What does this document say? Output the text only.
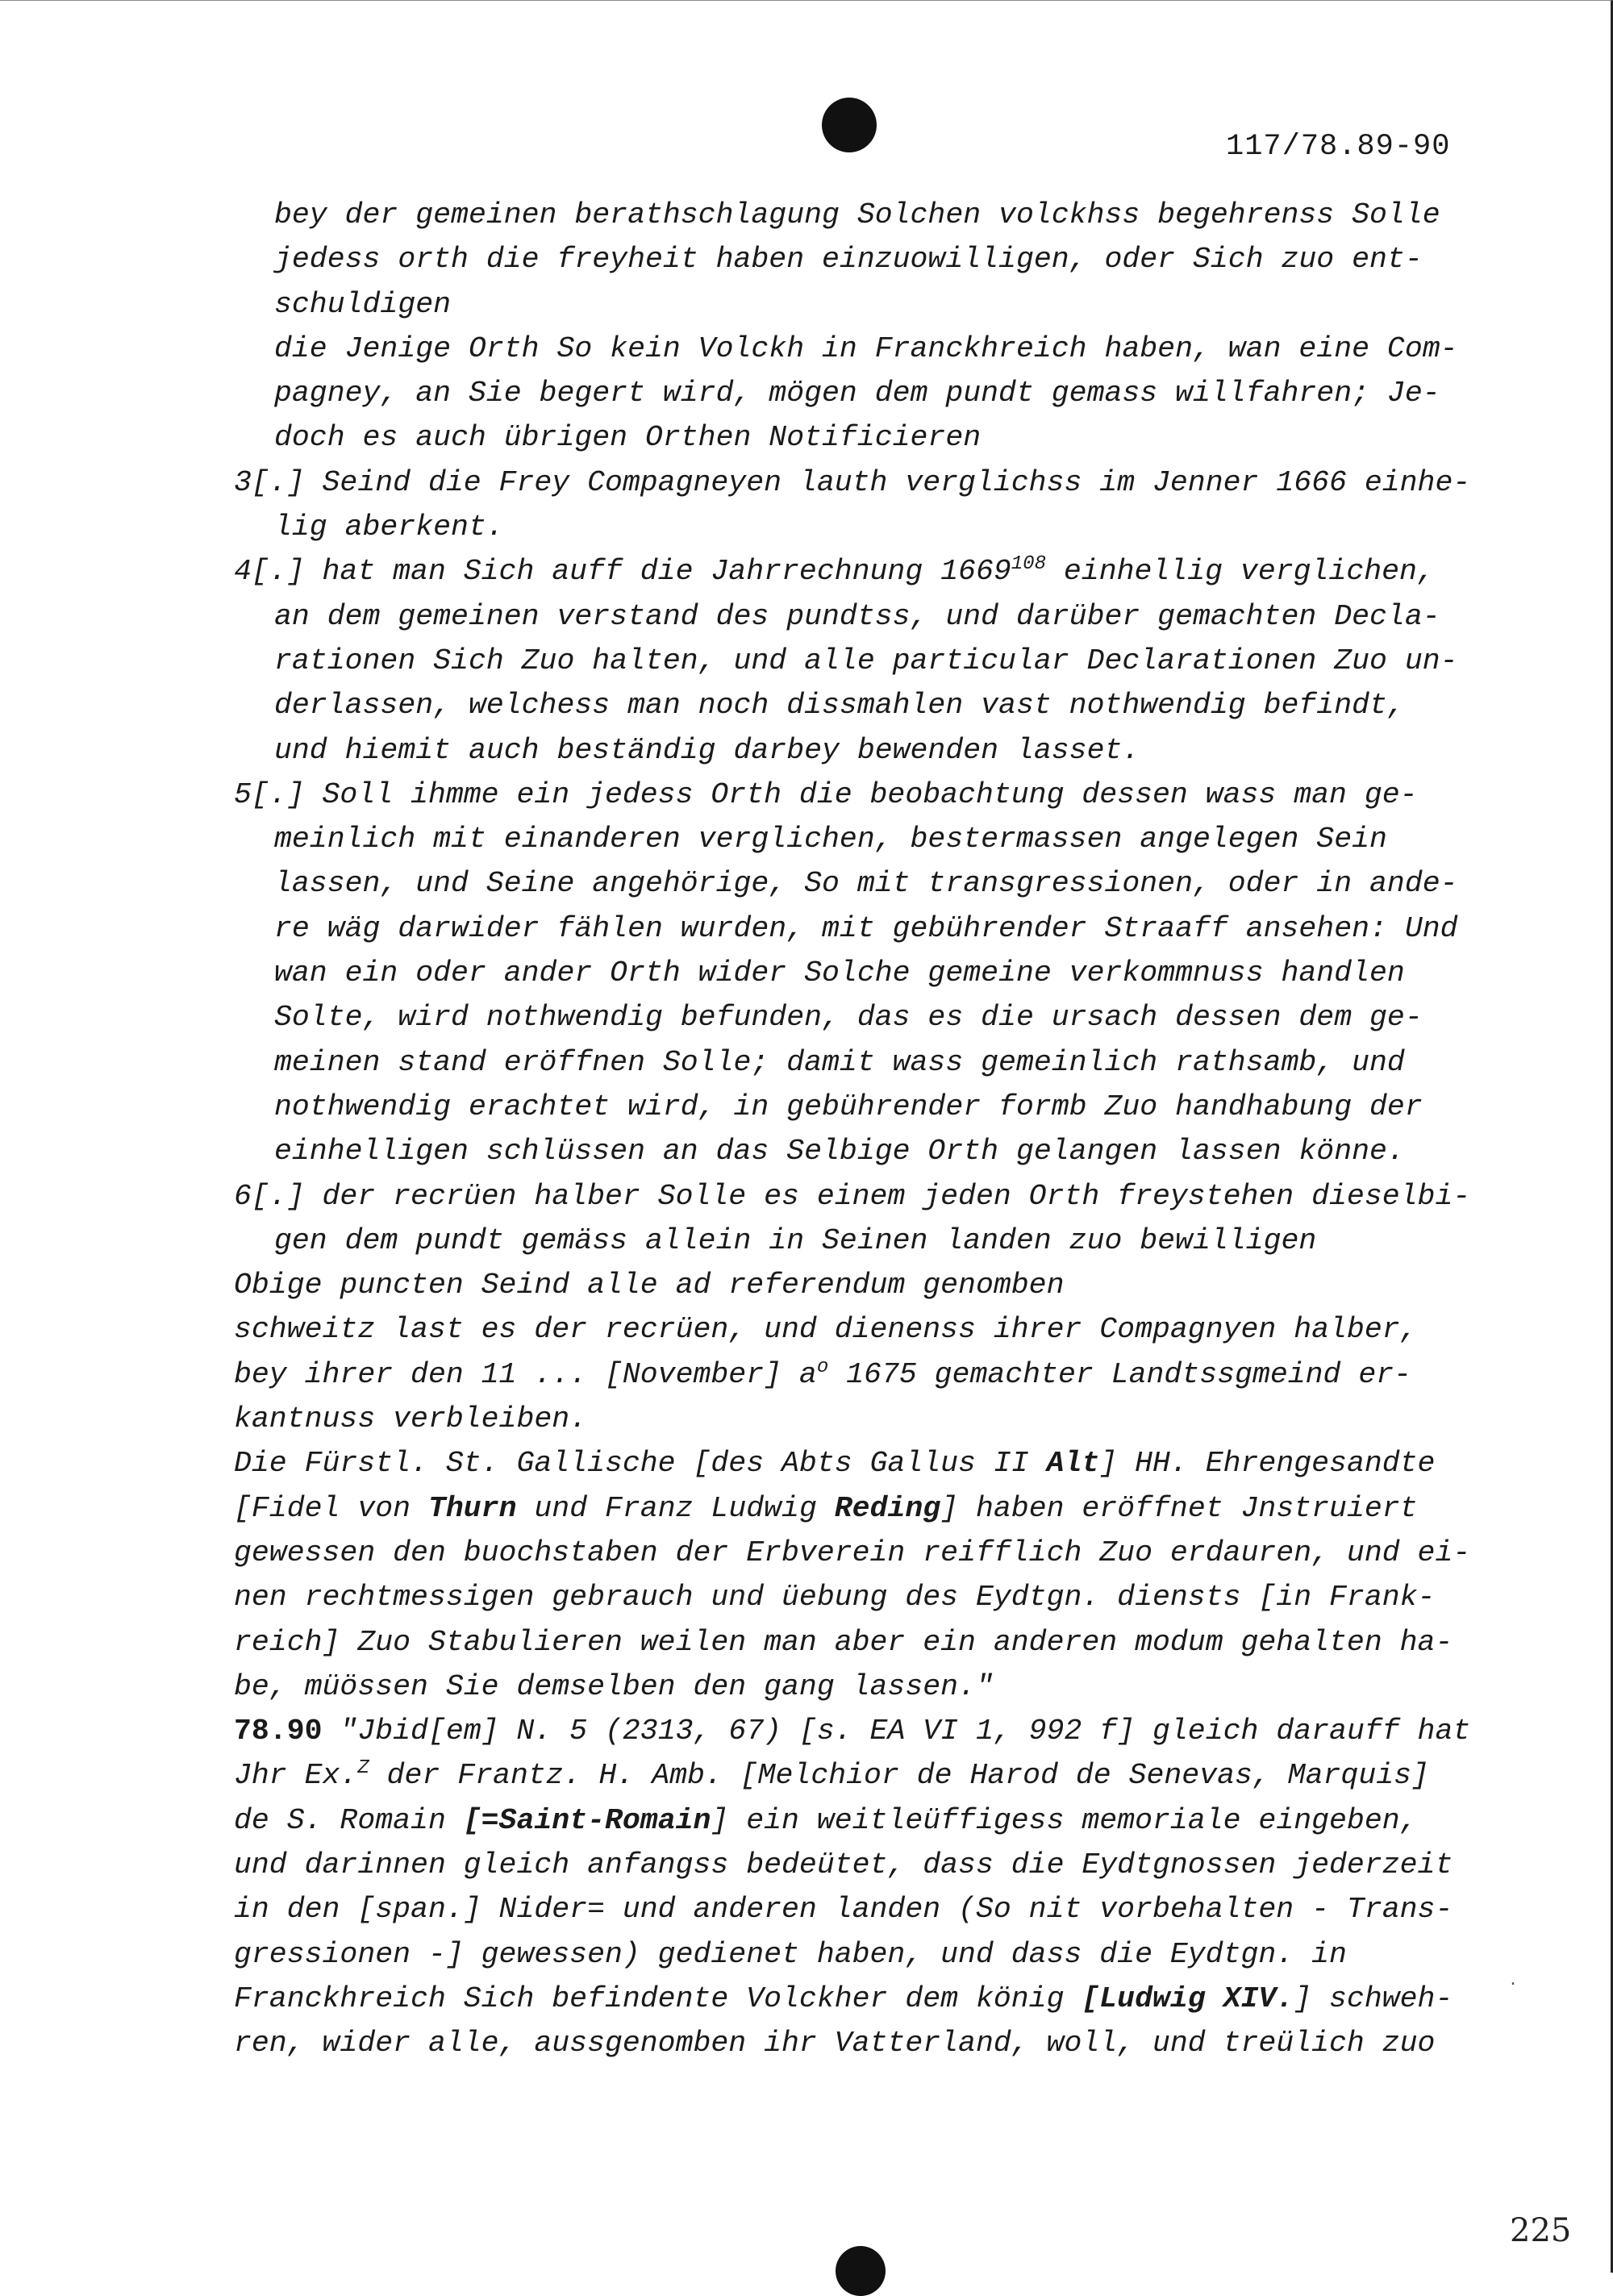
117/78.89-90
bey der gemeinen berathschlagung Solchen volckhss begehrenss Solle
jedess orth die freyheit haben einzuowilligen, oder Sich zuo ent-
schuldigen
die Jenige Orth So kein Volckh in Franckhreich haben, wan eine Com-
pagney, an Sie begert wird, mögen dem pundt gemass willfahren; Je-
doch es auch übrigen Orthen Notificieren
3[.] Seind die Frey Compagneyen lauth verglichss im Jenner 1666 einhe-
lig aberkent.
4[.] hat man Sich auff die Jahrrechnung 1669$^{108}$ einhellig verglichen,
an dem gemeinen verstand des pundtss, und darüber gemachten Decla-
rationen Sich Zuo halten, und alle particular Declarationen Zuo un-
derlassen, welchess man noch dissmahlen vast nothwendig befindt,
und hiemit auch beständig darbey bewenden lasset.
5[.] Soll ihmme ein jedess Orth die beobachtung dessen wass man ge-
meinlich mit einanderen verglichen, bestermassen angelegen Sein
lassen, und Seine angehörige, So mit transgressionen, oder in ande-
re wäg darwider fählen wurden, mit gebührender Straaff ansehen: Und
wan ein oder ander Orth wider Solche gemeine verkommnuss handlen
Solte, wird nothwendig befunden, das es die ursach dessen dem ge-
meinen stand eröffnen Solle; damit wass gemeinlich rathsamb, und
nothwendig erachtet wird, in gebührender formb Zuo handhabung der
einhelligen schlüssen an das Selbige Orth gelangen lassen könne.
6[.] der recrüen halber Solle es einem jeden Orth freystehen dieselbi-
gen dem pundt gemäss allein in Seinen landen zuo bewilligen
Obige puncten Seind alle ad referendum genomben
schweitz last es der recrüen, und dienenss ihrer Compagnyen halber,
bey ihrer den 11 ... [November] $a^o$ 1675 gemachter Landtssgmeind er-
kantnuss verbleiben.
Die Fürstl. St. Gallische [des Abts Gallus II Alt] HH. Ehrengesandte
[Fidel von Thurn und Franz Ludwig Reding] haben eröffnet Jnstruiert
gewessen den buochstaben der Erbverein reifflich Zuo erdauren, und ei-
nen rechtmessigen gebrauch und üebung des Eydtgn. diensts [in Frank-
reich] Zuo Stabulieren weilen man aber ein anderen modum gehalten ha-
be, müössen Sie demselben den gang lassen."
78.90 "Jbid[em] N. 5 (2313, 67) [s. EA VI 1, 992 f] gleich darauff hat
Jhr Ex.$^Z$ der Frantz. H. Amb. [Melchior de Harod de Senevas, Marquis]
de S. Romain [=Saint-Romain] ein weitleüffigess memoriale eingeben,
und darinnen gleich anfangss bedeütet, dass die Eydtgnossen jederzeit
in den [span.] Nider= und anderen landen (So nit vorbehalten - Trans-
gressionen -] gewessen) gedienet haben, und dass die Eydtgn. in
Franckhreich Sich befindente Volckher dem könig [Ludwig XIV.] schweh-
ren, wider alle, aussgenomben ihr Vatterland, woll, und treülich zuo
·
225
